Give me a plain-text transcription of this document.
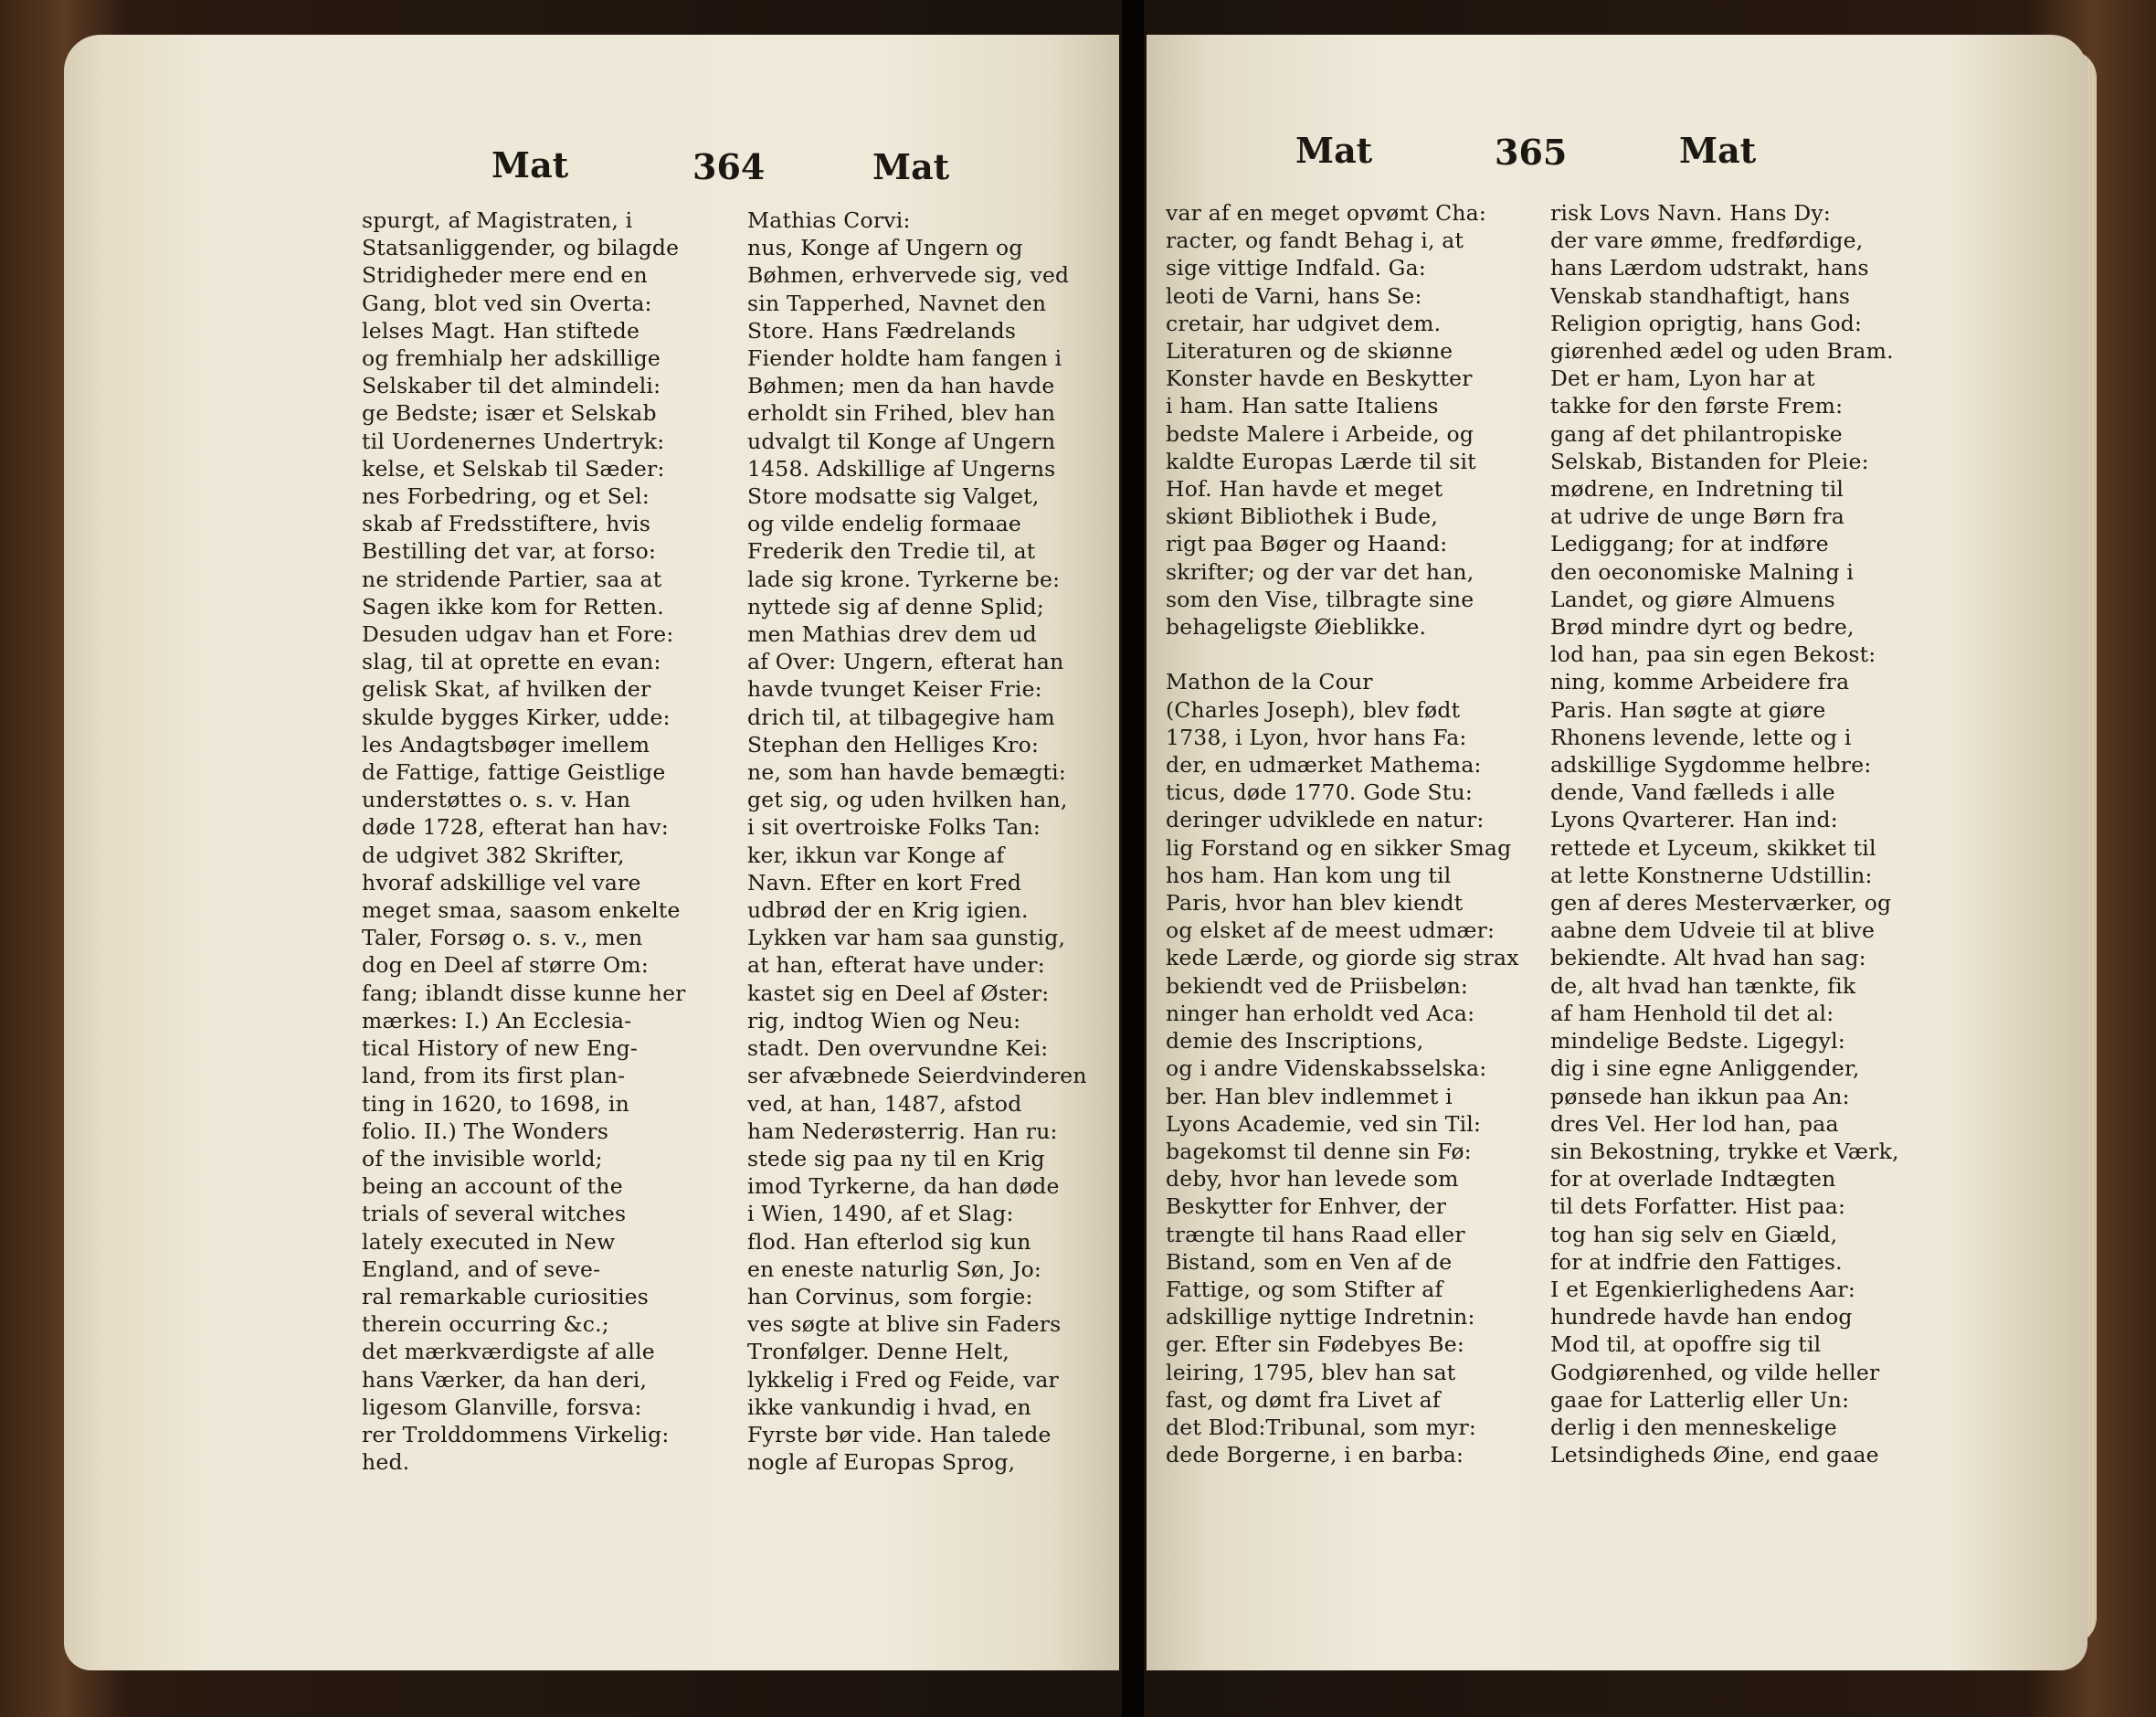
Mat	364	Mat	Mat	365	Mat
spurgt, af Magistraten, i
Statsanliggender, og bilagde
Stridigheder mere end en
Gang, blot ved sin Overta:
lelses Magt. Han stiftede
og fremhialp her adskillige
Selskaber til det almindeli:
ge Bedste; især et Selskab
til Uordenernes Undertryk:
kelse, et Selskab til Sæder:
nes Forbedring, og et Sel:
skab af Fredsstiftere, hvis
Bestilling det var, at forso:
ne stridende Partier, saa at
Sagen ikke kom for Retten.
Desuden udgav han et Fore:
slag, til at oprette en evan:
gelisk Skat, af hvilken der
skulde bygges Kirker, udde:
les Andagtsbøger imellem
de Fattige, fattige Geistlige
understøttes o. s. v. Han
døde 1728, efterat han hav:
de udgivet 382 Skrifter,
hvoraf adskillige vel vare
meget smaa, saasom enkelte
Taler, Forsøg o. s. v., men
dog en Deel af større Om:
fang; iblandt disse kunne her
mærkes: I.) An Ecclesia-
tical History of new Eng-
land, from its first plan-
ting in 1620, to 1698, in
folio. II.) The Wonders
of the invisible world;
being an account of the
trials of several witches
lately executed in New
England, and of seve-
ral remarkable curiosities
therein occurring &c.;
det mærkværdigste af alle
hans Værker, da han deri,
ligesom Glanville, forsva:
rer Trolddommens Virkelig:
hed.
Mathias Corvi:
nus, Konge af Ungern og
Bøhmen, erhvervede sig, ved
sin Tapperhed, Navnet den
Store. Hans Fædrelands
Fiender holdte ham fangen i
Bøhmen; men da han havde
erholdt sin Frihed, blev han
udvalgt til Konge af Ungern
1458. Adskillige af Ungerns
Store modsatte sig Valget,
og vilde endelig formaae
Frederik den Tredie til, at
lade sig krone. Tyrkerne be:
nyttede sig af denne Splid;
men Mathias drev dem ud
af Over: Ungern, efterat han
havde tvunget Keiser Frie:
drich til, at tilbagegive ham
Stephan den Helliges Kro:
ne, som han havde bemægti:
get sig, og uden hvilken han,
i sit overtroiske Folks Tan:
ker, ikkun var Konge af
Navn. Efter en kort Fred
udbrød der en Krig igien.
Lykken var ham saa gunstig,
at han, efterat have under:
kastet sig en Deel af Øster:
rig, indtog Wien og Neu:
stadt. Den overvundne Kei:
ser afvæbnede Seierdvinderen
ved, at han, 1487, afstod
ham Nederøsterrig. Han ru:
stede sig paa ny til en Krig
imod Tyrkerne, da han døde
i Wien, 1490, af et Slag:
flod. Han efterlod sig kun
en eneste naturlig Søn, Jo:
han Corvinus, som forgie:
ves søgte at blive sin Faders
Tronfølger. Denne Helt,
lykkelig i Fred og Feide, var
ikke vankundig i hvad, en
Fyrste bør vide. Han talede
nogle af Europas Sprog,
var af en meget opvømt Cha:
racter, og fandt Behag i, at
sige vittige Indfald. Ga:
leoti de Varni, hans Se:
cretair, har udgivet dem.
Literaturen og de skiønne
Konster havde en Beskytter
i ham. Han satte Italiens
bedste Malere i Arbeide, og
kaldte Europas Lærde til sit
Hof. Han havde et meget
skiønt Bibliothek i Bude,
rigt paa Bøger og Haand:
skrifter; og der var det han,
som den Vise, tilbragte sine
behageligste Øieblikke.

Mathon de la Cour
(Charles Joseph), blev født
1738, i Lyon, hvor hans Fa:
der, en udmærket Mathema:
ticus, døde 1770. Gode Stu:
deringer udviklede en natur:
lig Forstand og en sikker Smag
hos ham. Han kom ung til
Paris, hvor han blev kiendt
og elsket af de meest udmær:
kede Lærde, og giorde sig strax
bekiendt ved de Priisbeløn:
ninger han erholdt ved Aca:
demie des Inscriptions,
og i andre Videnskabsselska:
ber. Han blev indlemmet i
Lyons Academie, ved sin Til:
bagekomst til denne sin Fø:
deby, hvor han levede som
Beskytter for Enhver, der
trængte til hans Raad eller
Bistand, som en Ven af de
Fattige, og som Stifter af
adskillige nyttige Indretnin:
ger. Efter sin Fødebyes Be:
leiring, 1795, blev han sat
fast, og dømt fra Livet af
det Blod:Tribunal, som myr:
dede Borgerne, i en barba:
risk Lovs Navn. Hans Dy:
der vare ømme, fredførdige,
hans Lærdom udstrakt, hans
Venskab standhaftigt, hans
Religion oprigtig, hans God:
giørenhed ædel og uden Bram.
Det er ham, Lyon har at
takke for den første Frem:
gang af det philantropiske
Selskab, Bistanden for Pleie:
mødrene, en Indretning til
at udrive de unge Børn fra
Lediggang; for at indføre
den oeconomiske Malning i
Landet, og giøre Almuens
Brød mindre dyrt og bedre,
lod han, paa sin egen Bekost:
ning, komme Arbeidere fra
Paris. Han søgte at giøre
Rhonens levende, lette og i
adskillige Sygdomme helbre:
dende, Vand fælleds i alle
Lyons Qvarterer. Han ind:
rettede et Lyceum, skikket til
at lette Konstnerne Udstillin:
gen af deres Mesterværker, og
aabne dem Udveie til at blive
bekiendte. Alt hvad han sag:
de, alt hvad han tænkte, fik
af ham Henhold til det al:
mindelige Bedste. Ligegyl:
dig i sine egne Anliggender,
pønsede han ikkun paa An:
dres Vel. Her lod han, paa
sin Bekostning, trykke et Værk,
for at overlade Indtægten
til dets Forfatter. Hist paa:
tog han sig selv en Giæld,
for at indfrie den Fattiges.
I et Egenkierlighedens Aar:
hundrede havde han endog
Mod til, at opoffre sig til
Godgiørenhed, og vilde heller
gaae for Latterlig eller Un:
derlig i den menneskelige
Letsindigheds Øine, end gaae
